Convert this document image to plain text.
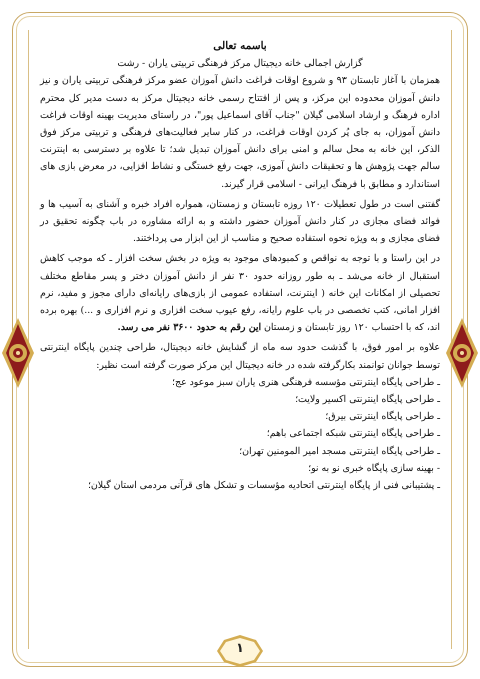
باسمه تعالی

گزارش اجمالی خانه دیجیتال مرکز فرهنگی تربیتی یاران - رشت

همزمان با آغاز تابستان ۹۳ و شروع اوقات فراغت دانش آموزان عضو مرکز فرهنگی تربیتی یاران و نیز دانش آموزان محدوده این مرکز، و پس از افتتاح رسمی خانه دیجیتال مرکز به دست مدیر کل محترم اداره فرهنگ و ارشاد اسلامی گیلان "جناب آقای اسماعیل پور"، در راستای مدیریت بهینه اوقات فراغت دانش آموزان، به جای پُر کردن اوقات فراغت، در کنار سایر فعالیت‌های فرهنگی و تربیتی مرکز فوق الذکر، این خانه به محل سالم و امنی برای دانش آموزان تبدیل شد؛ تا علاوه بر دسترسی به اینترنت سالم جهت پژوهش ها و تحقیقات دانش آموزی، جهت رفع خستگی و نشاط افزایی، در معرض بازی های استاندارد و مطابق با فرهنگ ایرانی - اسلامی قرار گیرند.

گفتنی است در طول تعطیلات ۱۲۰ روزه تابستان و زمستان، همواره افراد خبره و آشنای به آسیب ها و فوائد فضای مجازی در کنار دانش آموزان حضور داشته و به ارائه مشاوره در باب چگونه تحقیق در فضای مجازی و به ویژه نحوه استفاده صحیح و مناسب از این ابزار می پرداختند.

در این راستا و با توجه به نواقص و کمبودهای موجود به ویژه در بخش سخت افزار ـ که موجب کاهش استقبال از خانه می‌شد ـ به طور روزانه حدود ۳۰ نفر از دانش آموزان دختر و پسر مقاطع مختلف تحصیلی از امکانات این خانه ( اینترنت، استفاده عمومی از بازی‌های رایانه‌ای دارای مجوز و مفید، نرم افزار امانی، کتب تخصصی در باب علوم رایانه، رفع عیوب سخت افزاری و نرم افزاری و ...) بهره برده اند، که با احتساب ۱۲۰ روز تابستان و زمستان این رقم به حدود ۳۶۰۰ نفر می رسد.

علاوه بر امور فوق، با گذشت حدود سه ماه از گشایش خانه دیجیتال، طراحی چندین پایگاه اینترنتی توسط جوانان توانمند بکارگرفته شده در خانه دیجیتال این مرکز صورت گرفته است نظیر:

ـ طراحی پایگاه اینترنتی مؤسسه فرهنگی هنری یاران سبز موعود عج؛

ـ طراحی پایگاه اینترنتی اکسیر ولایت؛

ـ طراحی پایگاه اینترنتی بیرق؛

ـ طراحی پایگاه اینترنتی شبکه اجتماعی باهم؛

ـ طراحی پایگاه اینترنتی مسجد امیر المومنین تهران؛

- بهینه سازی پایگاه خبری نو به نو؛

ـ پشتیبانی فنی از پایگاه اینترنتی اتحادیه مؤسسات و تشکل های قرآنی مردمی استان گیلان؛

۱
